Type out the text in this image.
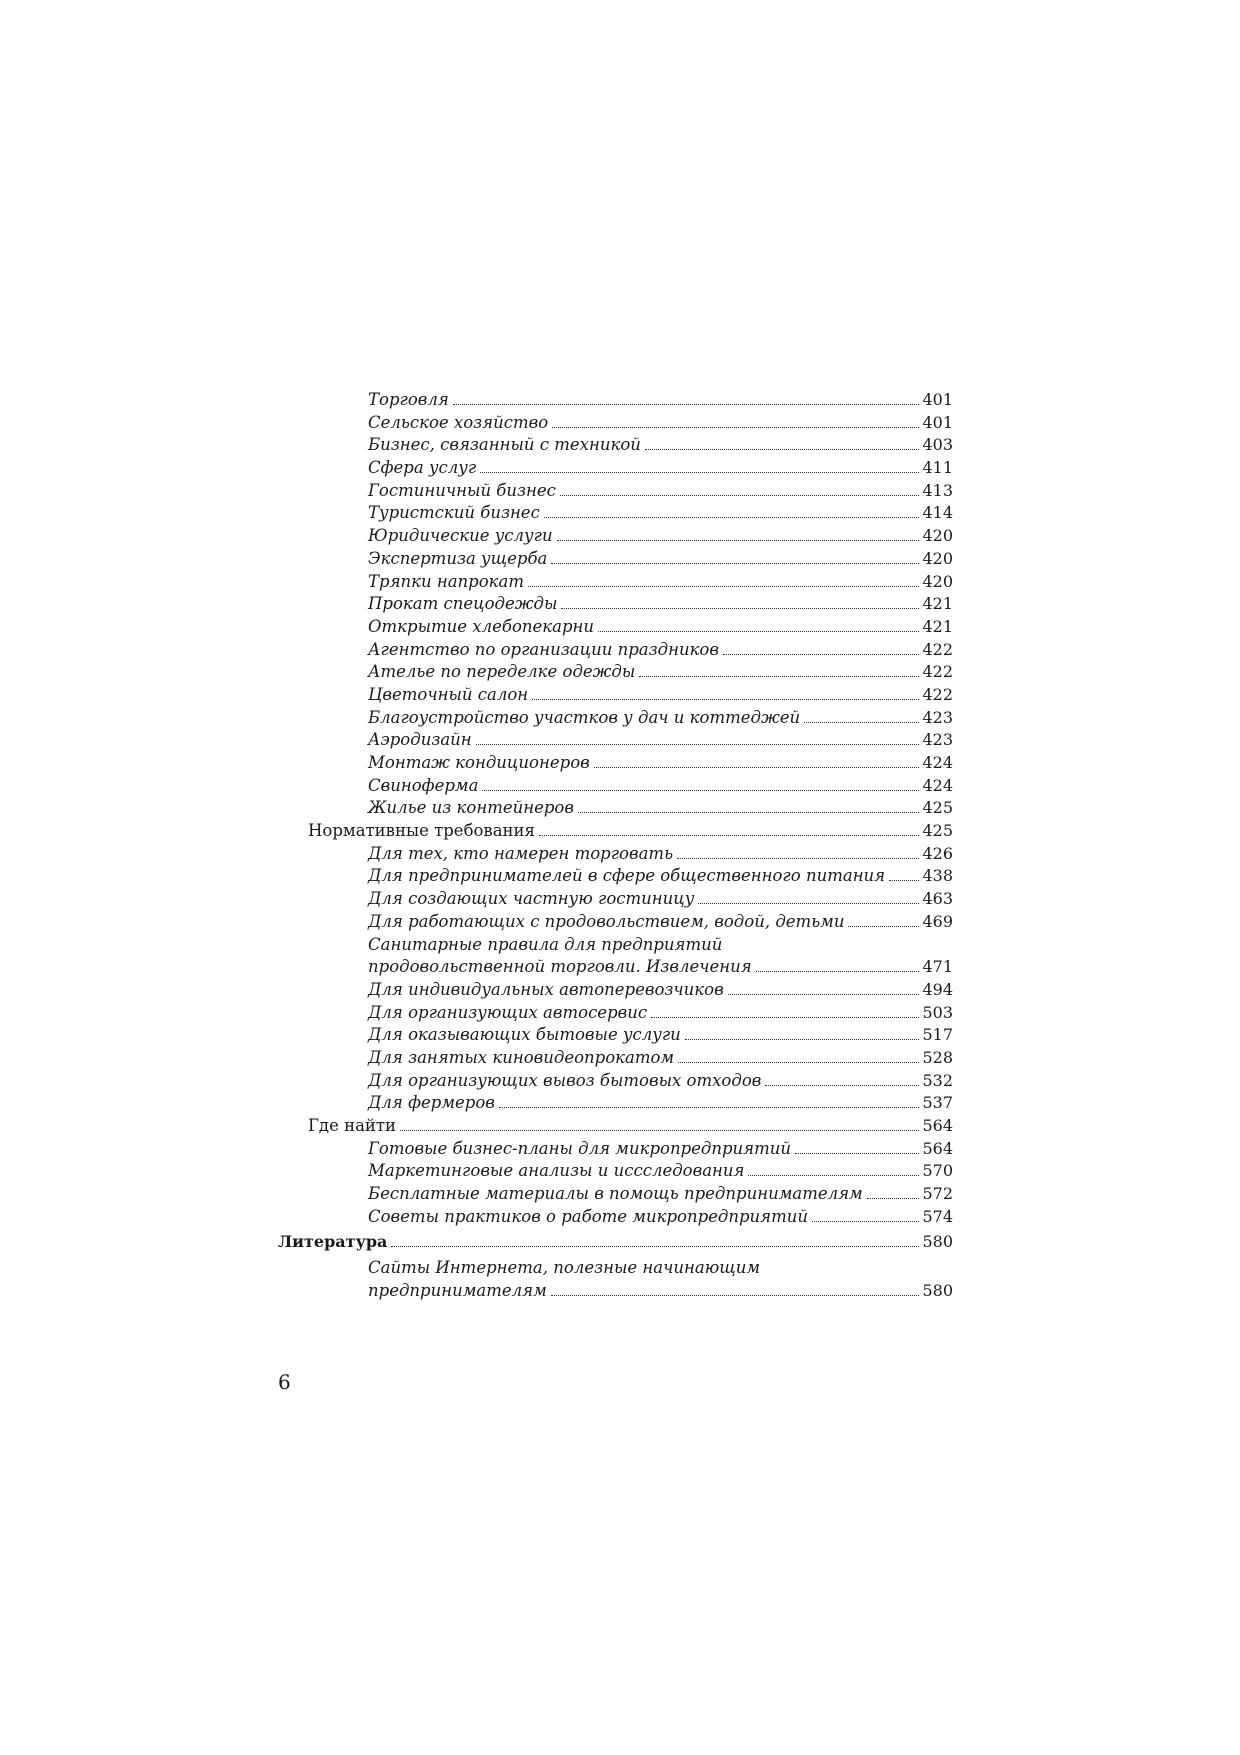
Торговля	401
Сельское хозяйство	401
Бизнес, связанный с техникой	403
Сфера услуг	411
Гостиничный бизнес	413
Туристский бизнес	414
Юридические услуги	420
Экспертиза ущерба	420
Тряпки напрокат	420
Прокат спецодежды	421
Открытие хлебопекарни	421
Агентство по организации праздников	422
Ателье по переделке одежды	422
Цветочный салон	422
Благоустройство участков у дач и коттеджей	423
Аэродизайн	423
Монтаж кондиционеров	424
Свиноферма	424
Жилье из контейнеров	425
Нормативные требования	425
Для тех, кто намерен торговать	426
Для предпринимателей в сфере общественного питания 438
Для создающих частную гостиницу	463
Для работающих с продовольствием, водой, детьми	469
Санитарные правила для предприятий
продовольственной торговли. Извлечения	471
Для индивидуальных автоперевозчиков	494
Для организующих автосервис	503
Для оказывающих бытовые услуги	517
Для занятых киновидеопрокатом	528
Для организующих вывоз бытовых отходов	532
Для фермеров	537
Где найти	564
Готовые бизнес-планы для микропредприятий	564
Маркетинговые анализы и иccследования	570
Бесплатные материалы в помощь предпринимателям	572
Советы практиков о работе микропредприятий	574
Литература	580
Сайты Интернета, полезные начинающим
предпринимателям	580
6
